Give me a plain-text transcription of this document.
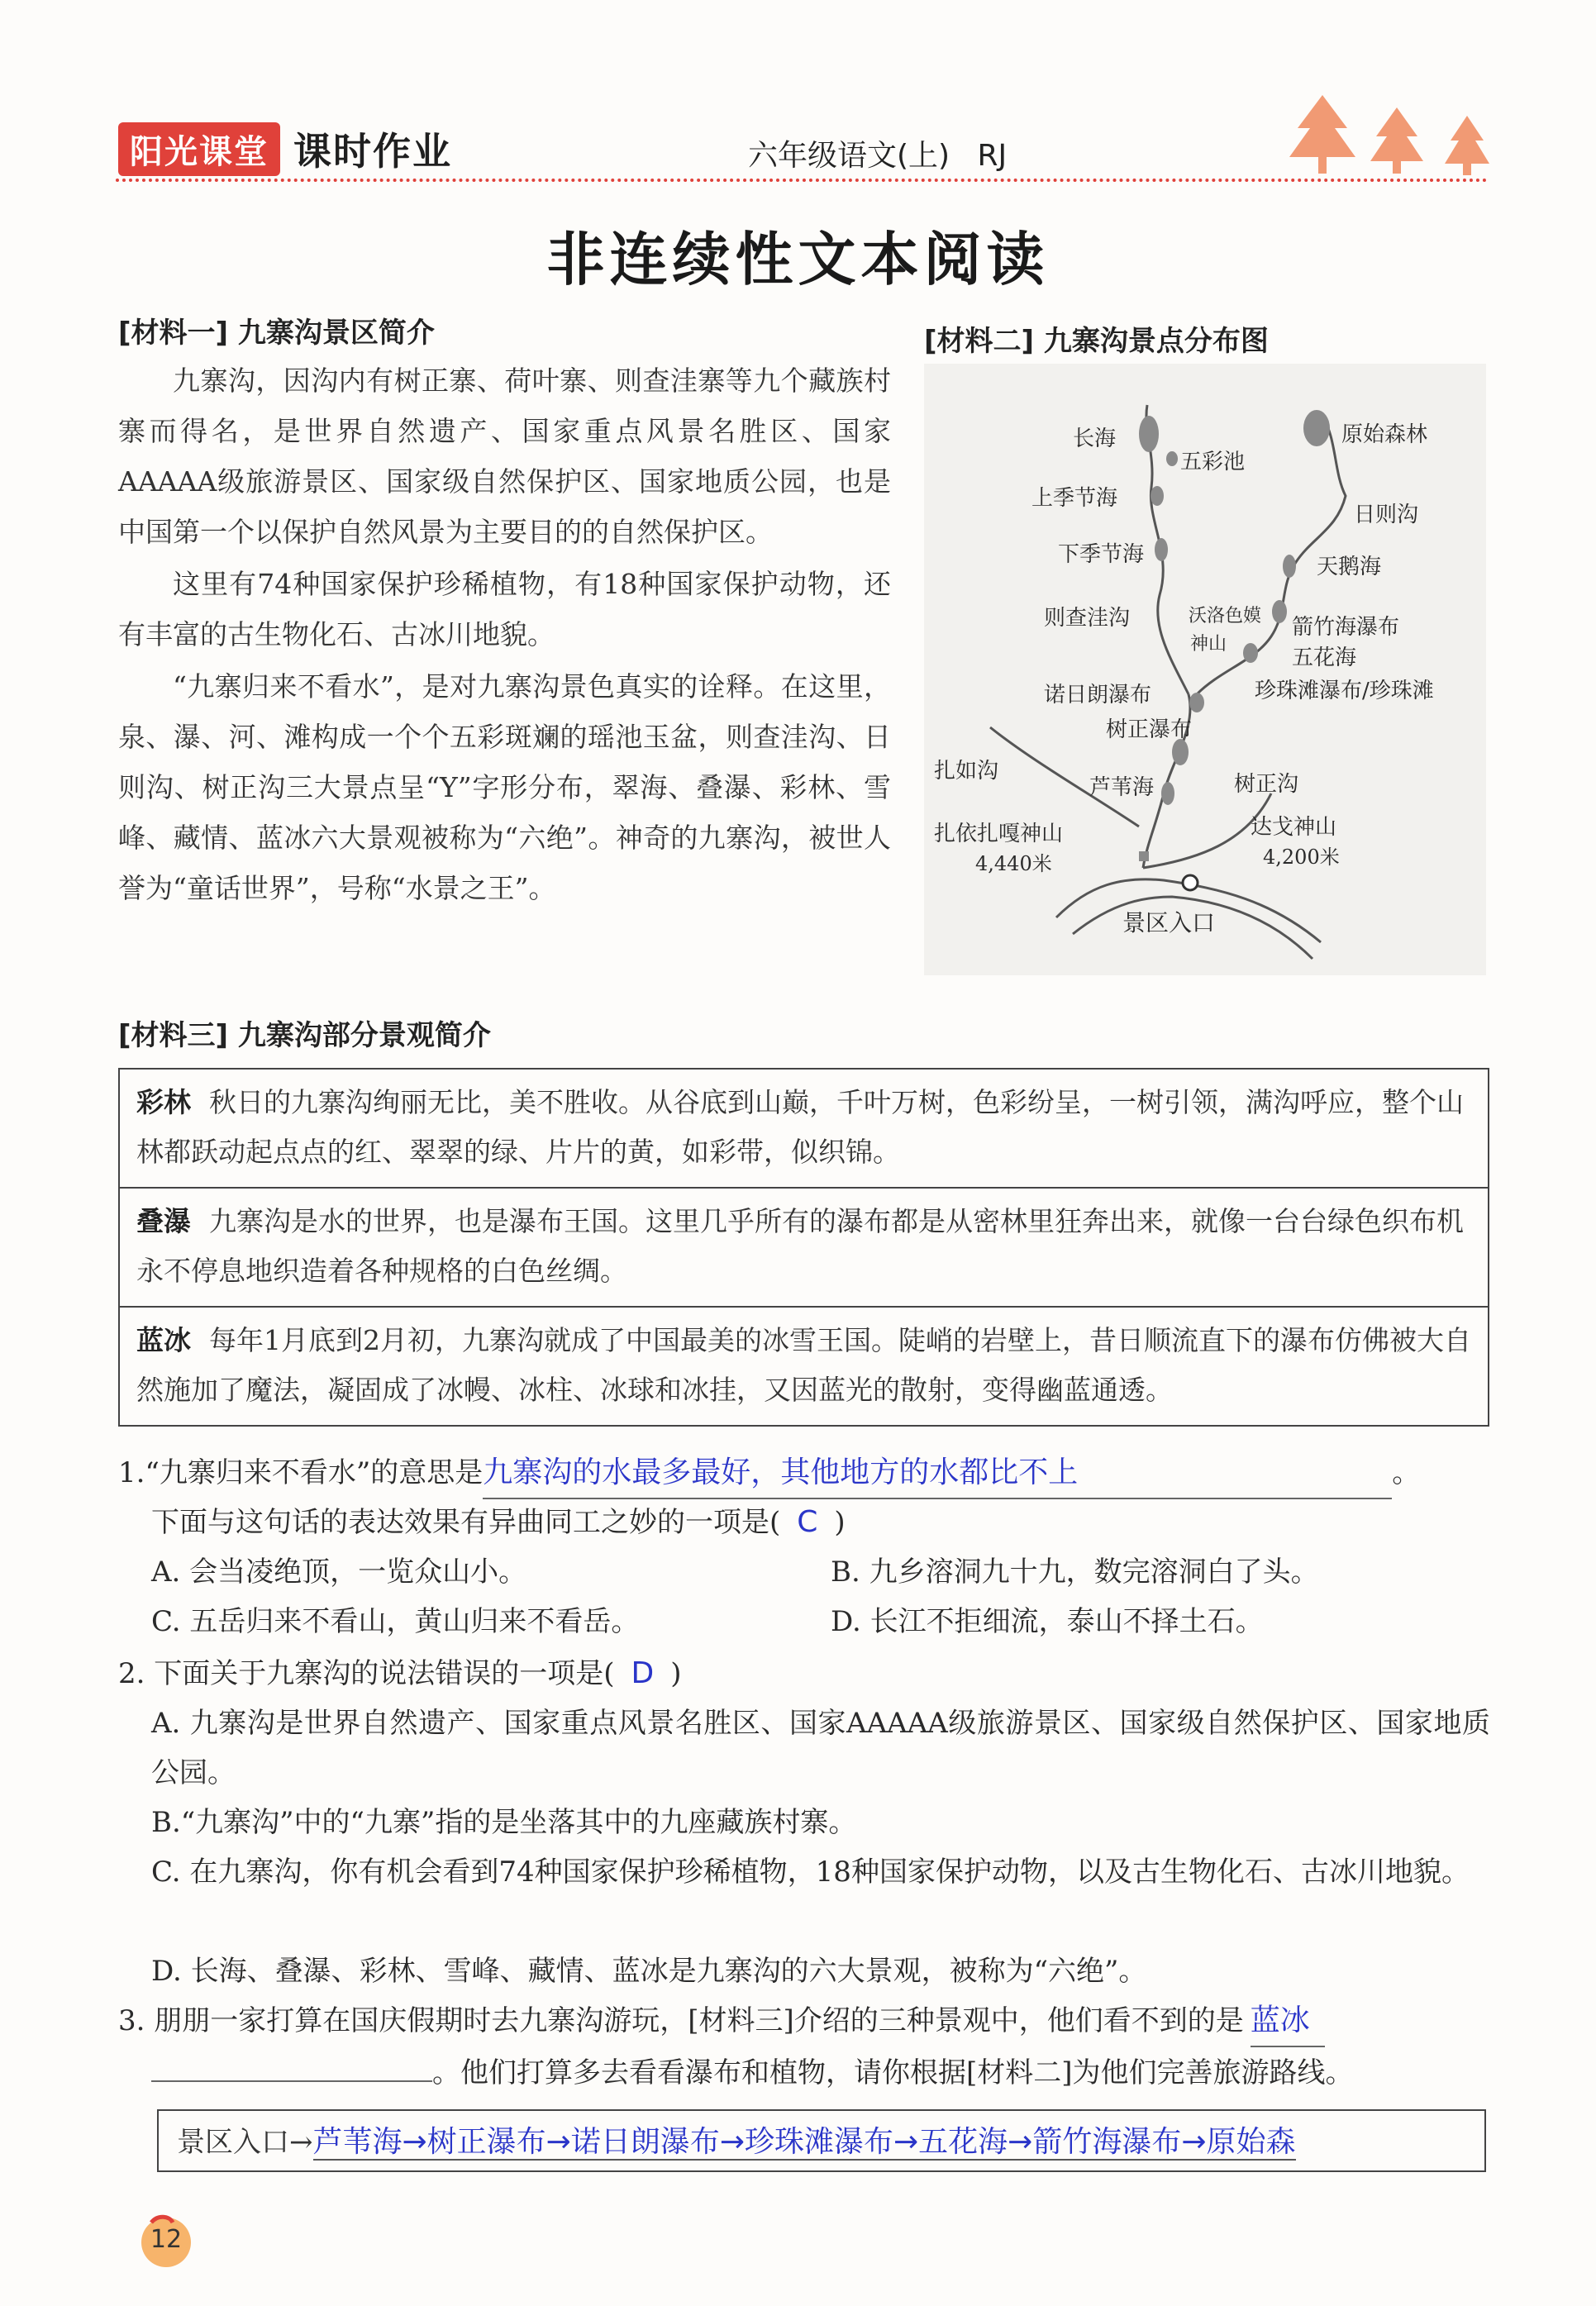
阳光课堂 课时作业	六年级语文(上) RJ
非连续性文本阅读
[材料一] 九寨沟景区简介

九寨沟，因沟内有树正寨、荷叶寨、则查洼寨等九个藏族村寨而得名，是世界自然遗产、国家重点风景名胜区、国家AAAAA级旅游景区、国家级自然保护区、国家地质公园，也是中国第一个以保护自然风景为主要目的的自然保护区。

这里有74种国家保护珍稀植物，有18种国家保护动物，还有丰富的古生物化石、古冰川地貌。

“九寨归来不看水”，是对九寨沟景色真实的诠释。在这里，泉、瀑、河、滩构成一个个五彩斑斓的瑶池玉盆，则查洼沟、日则沟、树正沟三大景点呈“Y”字形分布，翠海、叠瀑、彩林、雪峰、藏情、蓝冰六大景观被称为“六绝”。神奇的九寨沟，被世人誉为“童话世界”，号称“水景之王”。

[材料二] 九寨沟景点分布图
长海
五彩池
原始森林
上季节海
日则沟
下季节海	天鹅海
则查洼沟	沃洛色嫫
神山
箭竹海瀑布
五花海
珍珠滩瀑布/珍珠滩
诺日朗瀑布
树正瀑布
扎如沟
芦苇海	树正沟
扎依扎嘎神山
4,440米
达戈神山
4,200米
景区入口
[材料三] 九寨沟部分景观简介
彩林 秋日的九寨沟绚丽无比，美不胜收。从谷底到山巅，千叶万树，色彩纷呈，一树引领，满沟呼应，整个山林都跃动起点点的红、翠翠的绿、片片的黄，如彩带，似织锦。
叠瀑 九寨沟是水的世界，也是瀑布王国。这里几乎所有的瀑布都是从密林里狂奔出来，就像一台台绿色织布机永不停息地织造着各种规格的白色丝绸。
蓝冰 每年1月底到2月初，九寨沟就成了中国最美的冰雪王国。陡峭的岩壁上，昔日顺流直下的瀑布仿佛被大自然施加了魔法，凝固成了冰幔、冰柱、冰球和冰挂，又因蓝光的散射，变得幽蓝通透。
1.“九寨归来不看水”的意思是九寨沟的水最多最好，其他地方的水都比不上	。
下面与这句话的表达效果有异曲同工之妙的一项是( C )
A. 会当凌绝顶，一览众山小。	B. 九乡溶洞九十九，数完溶洞白了头。
C. 五岳归来不看山，黄山归来不看岳。	D. 长江不拒细流，泰山不择土石。
2. 下面关于九寨沟的说法错误的一项是( D )
A. 九寨沟是世界自然遗产、国家重点风景名胜区、国家AAAAA级旅游景区、国家级自然保护区、国家地质公园。
B.“九寨沟”中的“九寨”指的是坐落其中的九座藏族村寨。
C. 在九寨沟，你有机会看到74种国家保护珍稀植物，18种国家保护动物，以及古生物化石、古冰川地貌。
D. 长海、叠瀑、彩林、雪峰、藏情、蓝冰是九寨沟的六大景观，被称为“六绝”。
3. 朋朋一家打算在国庆假期时去九寨沟游玩，[材料三]介绍的三种景观中，他们看不到的是 蓝冰
。他们打算多去看看瀑布和植物，请你根据[材料二]为他们完善旅游路线。
景区入口→芦苇海→树正瀑布→诺日朗瀑布→珍珠滩瀑布→五花海→箭竹海瀑布→原始森
12
